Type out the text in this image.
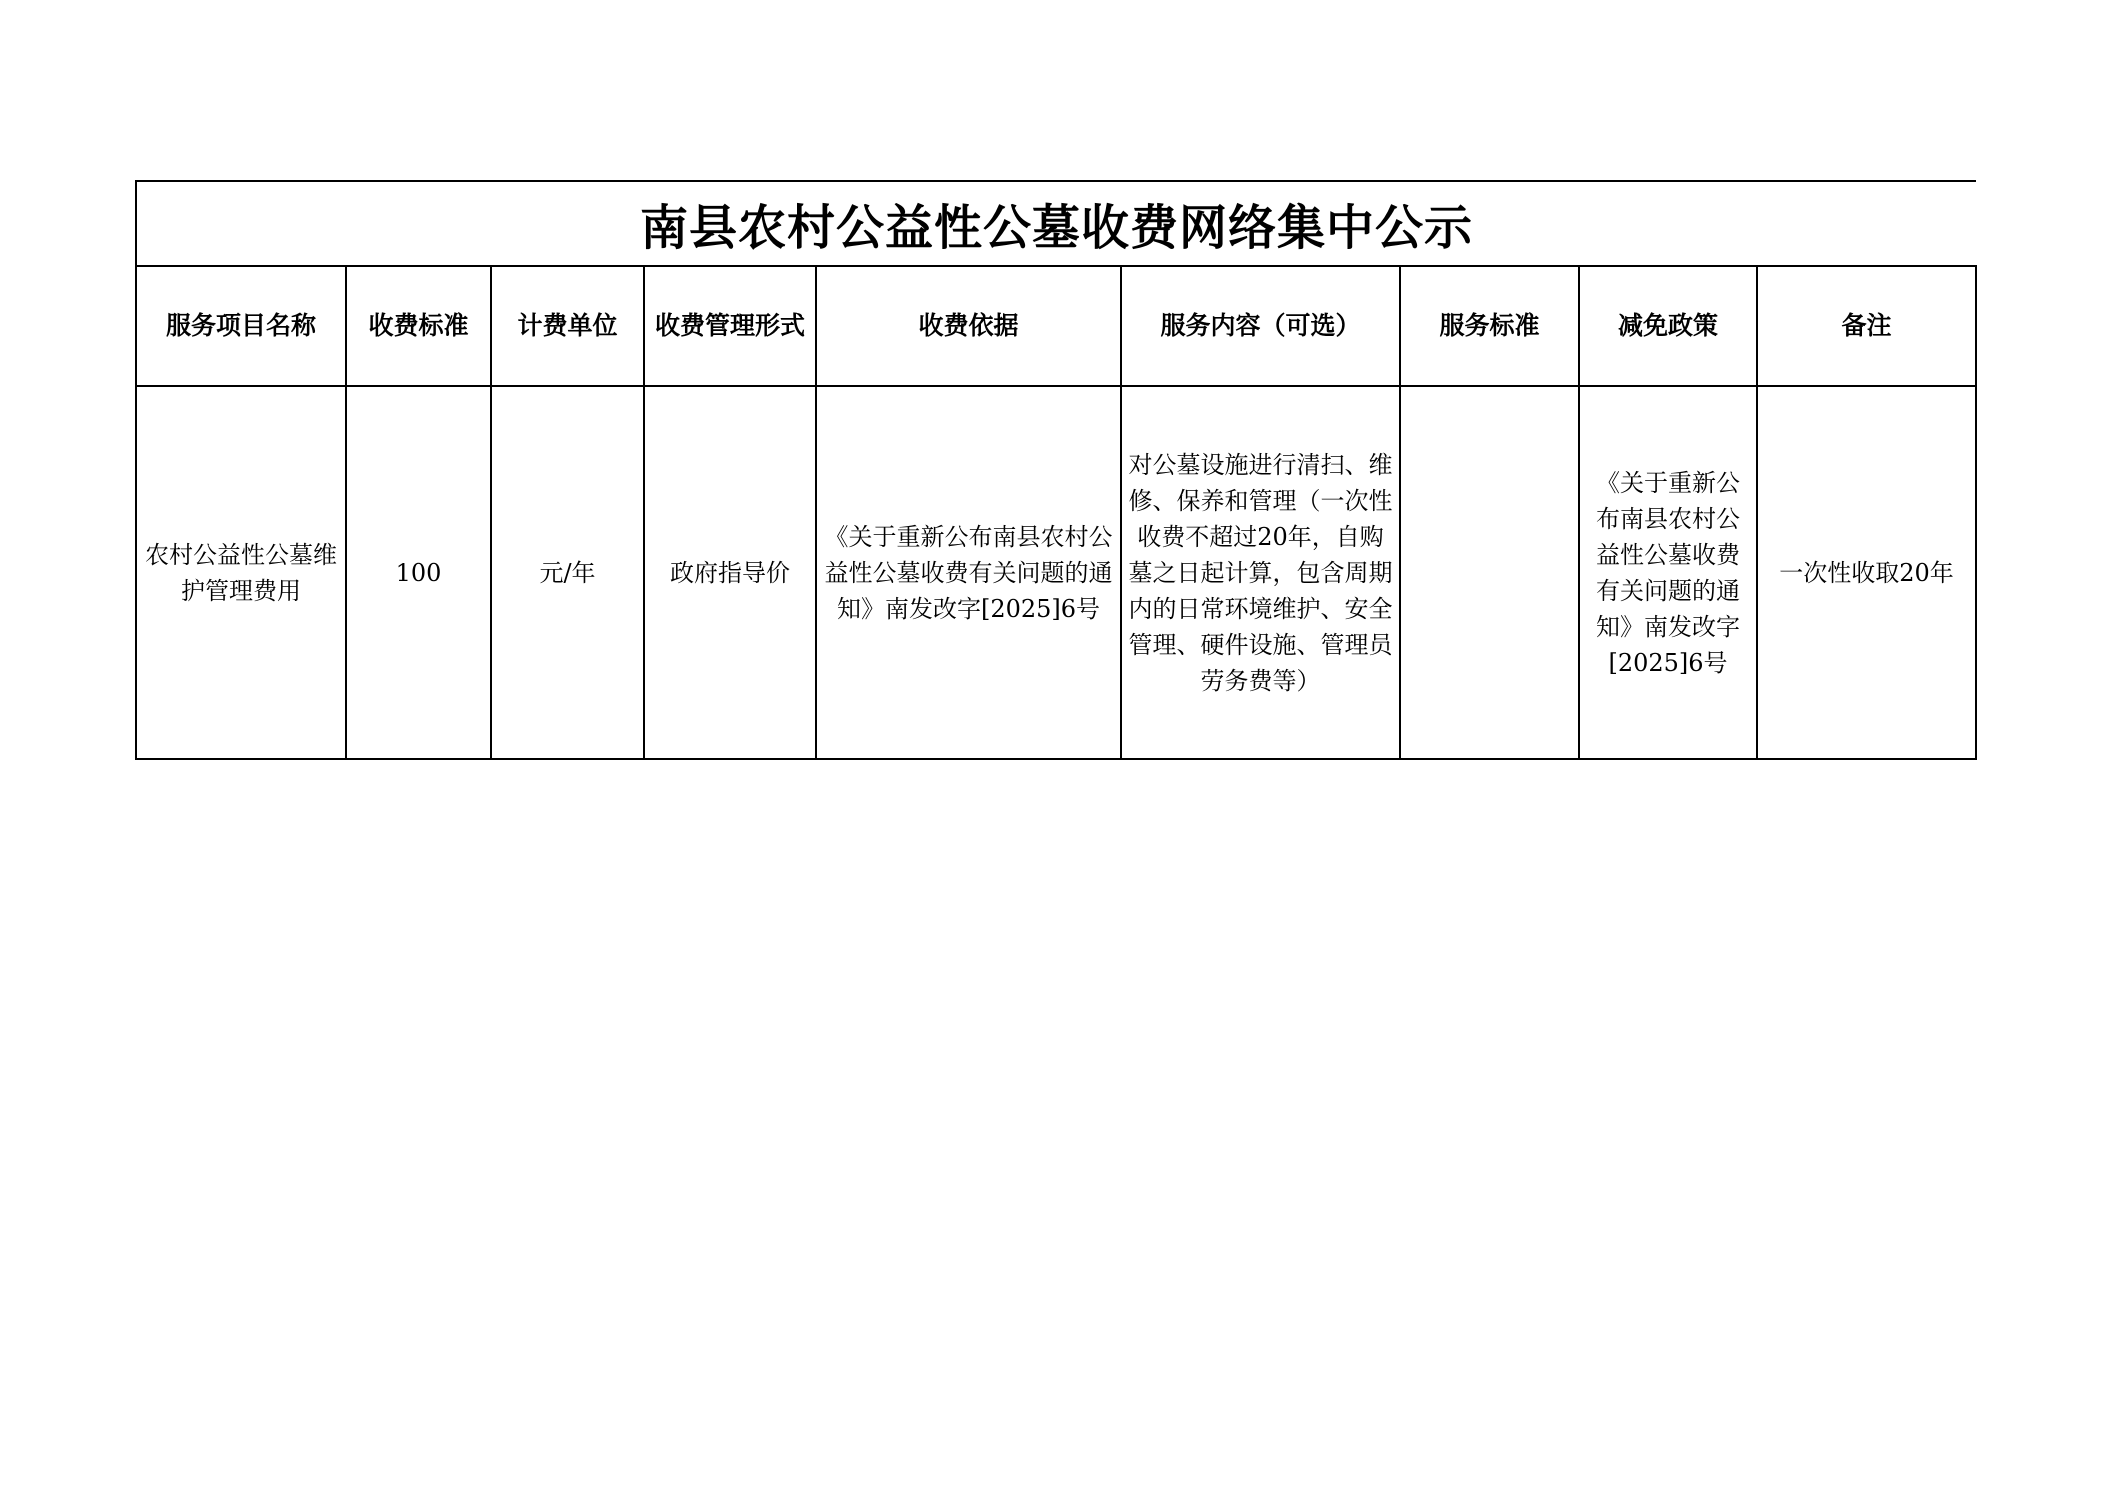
南县农村公益性公墓收费网络集中公示								
服务项目名称	收费标准	计费单位	收费管理形式	收费依据	服务内容（可选）	服务标准	减免政策	备注
农村公益性公墓维护管理费用	100	元/年	政府指导价	《关于重新公布南县农村公益性公墓收费有关问题的通知》南发改字[2025]6号	对公墓设施进行清扫、维修、保养和管理（一次性收费不超过20年，自购墓之日起计算，包含周期内的日常环境维护、安全管理、硬件设施、管理员劳务费等）		《关于重新公布南县农村公益性公墓收费有关问题的通知》南发改字[2025]6号	一次性收取20年
